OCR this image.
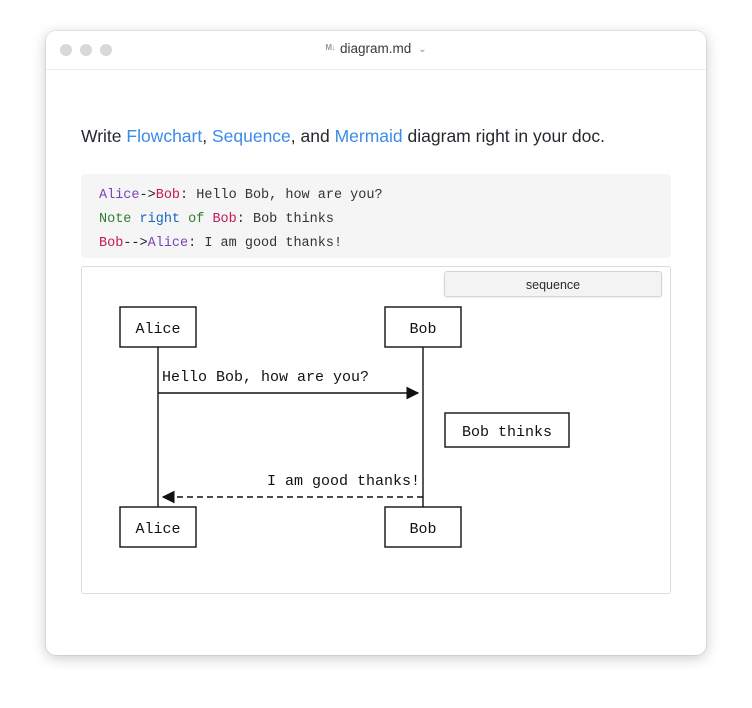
M↓ diagram.md ⌄
Write Flowchart, Sequence, and Mermaid diagram right in your doc.
Alice->Bob: Hello Bob, how are you?
Note right of Bob: Bob thinks
Bob-->Alice: I am good thanks!
sequence
Alice	Bob
Hello Bob, how are you?
Bob thinks
I am good thanks!
Alice	Bob
